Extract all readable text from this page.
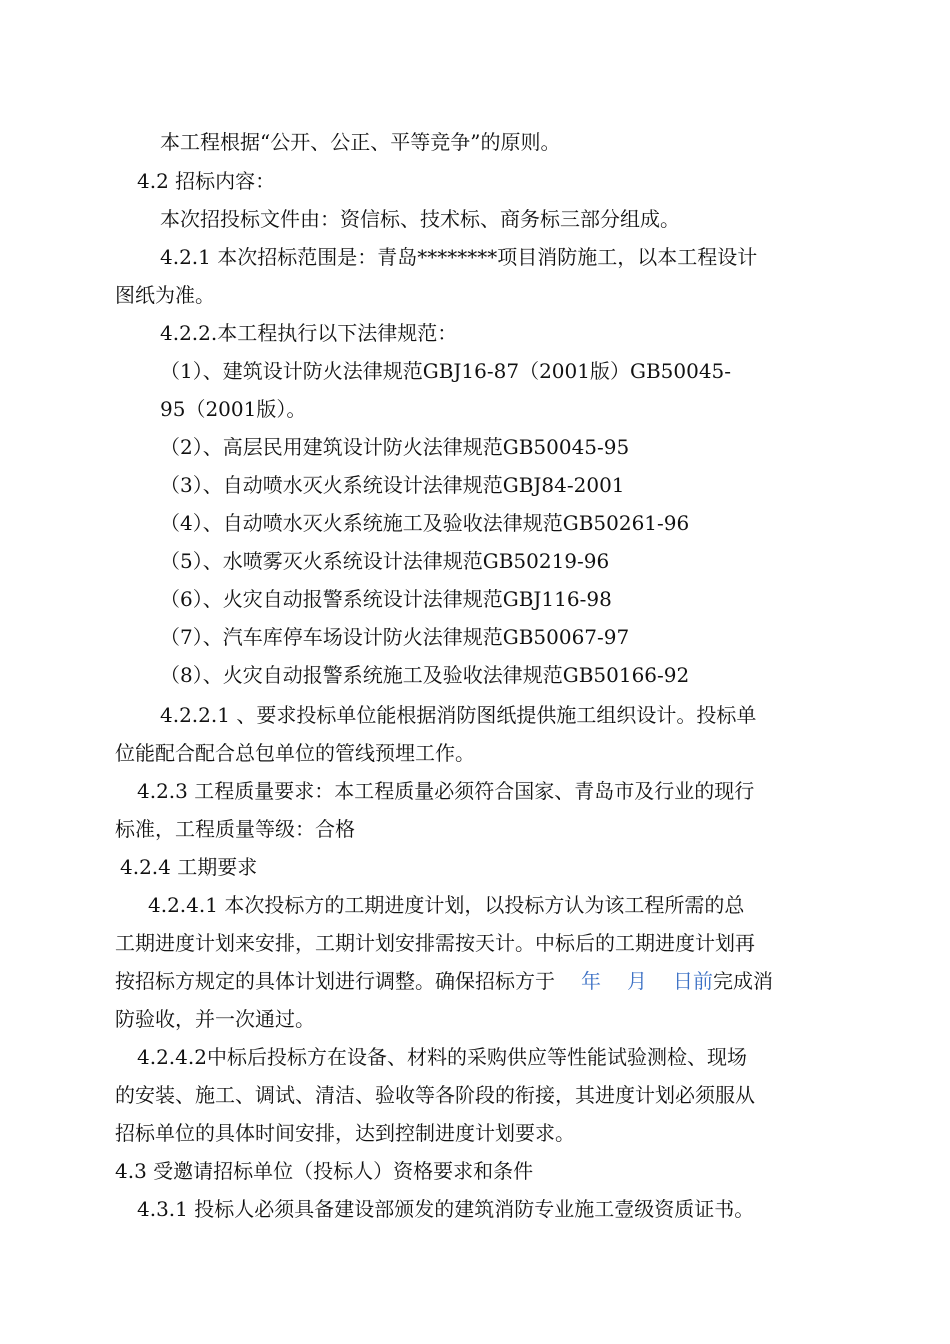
本工程根据“公开、公正、平等竞争”的原则。
4.2 招标内容：
本次招投标文件由：资信标、技术标、商务标三部分组成。
4.2.1 本次招标范围是：青岛********项目消防施工，以本工程设计
图纸为准。
4.2.2.本工程执行以下法律规范：
（1）、建筑设计防火法律规范GBJ16-87（2001版）GB50045-
95（2001版）。
（2）、高层民用建筑设计防火法律规范GB50045-95
（3）、自动喷水灭火系统设计法律规范GBJ84-2001
（4）、自动喷水灭火系统施工及验收法律规范GB50261-96
（5）、水喷雾灭火系统设计法律规范GB50219-96
（6）、火灾自动报警系统设计法律规范GBJ116-98
（7）、汽车库停车场设计防火法律规范GB50067-97
（8）、火灾自动报警系统施工及验收法律规范GB50166-92
4.2.2.1 、要求投标单位能根据消防图纸提供施工组织设计。投标单
位能配合配合总包单位的管线预埋工作。
4.2.3 工程质量要求：本工程质量必须符合国家、青岛市及行业的现行
标准，工程质量等级：合格
4.2.4 工期要求
4.2.4.1 本次投标方的工期进度计划，以投标方认为该工程所需的总
工期进度计划来安排，工期计划安排需按天计。中标后的工期进度计划再
按招标方规定的具体计划进行调整。确保招标方于 年 月 日前完成消
防验收，并一次通过。
4.2.4.2中标后投标方在设备、材料的采购供应等性能试验测检、现场
的安装、施工、调试、清洁、验收等各阶段的衔接，其进度计划必须服从
招标单位的具体时间安排，达到控制进度计划要求。
4.3 受邀请招标单位（投标人）资格要求和条件
4.3.1 投标人必须具备建设部颁发的建筑消防专业施工壹级资质证书。
